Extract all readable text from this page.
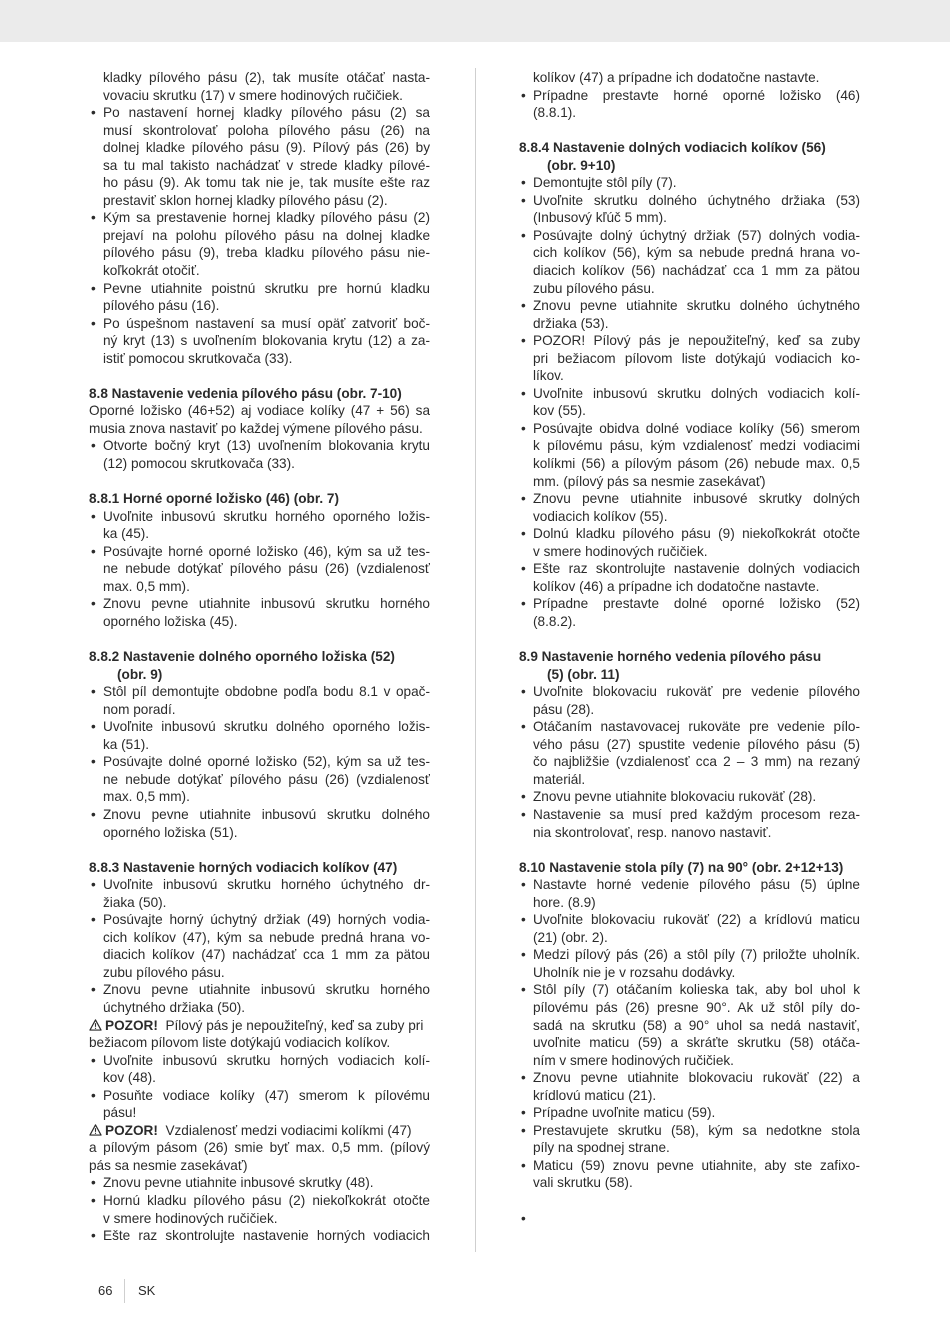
kladky pílového pásu (2), tak musíte otáčať nasta-
vovaciu skrutku (17) v smere hodinových ručičiek.
• Po nastavení hornej kladky pílového pásu (2) sa
musí skontrolovať poloha pílového pásu (26) na
dolnej kladke pílového pásu (9). Pílový pás (26) by
sa tu mal takisto nachádzať v strede kladky pílové-
ho pásu (9). Ak tomu tak nie je, tak musíte ešte raz
prestaviť sklon hornej kladky pílového pásu (2).
• Kým sa prestavenie hornej kladky pílového pásu (2)
prejaví na polohu pílového pásu na dolnej kladke
pílového pásu (9), treba kladku pílového pásu nie-
koľkokrát otočiť.
• Pevne utiahnite poistnú skrutku pre hornú kladku
pílového pásu (16).
• Po úspešnom nastavení sa musí opäť zatvoriť boč-
ný kryt (13) s uvoľnením blokovania krytu (12) a za-
istiť pomocou skrutkovača (33).
8.8 Nastavenie vedenia pílového pásu (obr. 7-10)
Oporné ložisko (46+52) aj vodiace kolíky (47 + 56) sa
musia znova nastaviť po každej výmene pílového pásu.
• Otvorte bočný kryt (13) uvoľnením blokovania krytu
(12) pomocou skrutkovača (33).
8.8.1 Horné oporné ložisko (46) (obr. 7)
• Uvoľnite inbusovú skrutku horného oporného ložis-
ka (45).
• Posúvajte horné oporné ložisko (46), kým sa už tes-
ne nebude dotýkať pílového pásu (26) (vzdialenosť
max. 0,5 mm).
• Znovu pevne utiahnite inbusovú skrutku horného
oporného ložiska (45).
8.8.2 Nastavenie dolného oporného ložiska (52)
(obr. 9)
• Stôl píl demontujte obdobne podľa bodu 8.1 v opač-
nom poradí.
• Uvoľnite inbusovú skrutku dolného oporného ložis-
ka (51).
• Posúvajte dolné oporné ložisko (52), kým sa už tes-
ne nebude dotýkať pílového pásu (26) (vzdialenosť
max. 0,5 mm).
• Znovu pevne utiahnite inbusovú skrutku dolného
oporného ložiska (51).
8.8.3 Nastavenie horných vodiacich kolíkov (47)
• Uvoľnite inbusovú skrutku horného úchytného dr-
žiaka (50).
• Posúvajte horný úchytný držiak (49) horných vodia-
cich kolíkov (47), kým sa nebude predná hrana vo-
diacich kolíkov (47) nachádzať cca 1 mm za pätou
zubu pílového pásu.
• Znovu pevne utiahnite inbusovú skrutku horného
úchytného držiaka (50).
POZOR! Pílový pás je nepoužiteľný, keď sa zuby pri
bežiacom pílovom liste dotýkajú vodiacich kolíkov.
• Uvoľnite inbusovú skrutku horných vodiacich kolí-
kov (48).
• Posuňte vodiace kolíky (47) smerom k pílovému
pásu!
POZOR! Vzdialenosť medzi vodiacimi kolíkmi (47)
a pílovým pásom (26) smie byť max. 0,5 mm. (pílový
pás sa nesmie zasekávať)
• Znovu pevne utiahnite inbusové skrutky (48).
• Hornú kladku pílového pásu (2) niekoľkokrát otočte
v smere hodinových ručičiek.
• Ešte raz skontrolujte nastavenie horných vodiacich
kolíkov (47) a prípadne ich dodatočne nastavte.
• Prípadne prestavte horné oporné ložisko (46)
(8.8.1).
8.8.4 Nastavenie dolných vodiacich kolíkov (56)
(obr. 9+10)
• Demontujte stôl píly (7).
• Uvoľnite skrutku dolného úchytného držiaka (53)
(Inbusový kľúč 5 mm).
• Posúvajte dolný úchytný držiak (57) dolných vodia-
cich kolíkov (56), kým sa nebude predná hrana vo-
diacich kolíkov (56) nachádzať cca 1 mm za pätou
zubu pílového pásu.
• Znovu pevne utiahnite skrutku dolného úchytného
držiaka (53).
• POZOR! Pílový pás je nepoužiteľný, keď sa zuby
pri bežiacom pílovom liste dotýkajú vodiacich ko-
líkov.
• Uvoľnite inbusovú skrutku dolných vodiacich kolí-
kov (55).
• Posúvajte obidva dolné vodiace kolíky (56) smerom
k pílovému pásu, kým vzdialenosť medzi vodiacimi
kolíkmi (56) a pílovým pásom (26) nebude max. 0,5
mm. (pílový pás sa nesmie zasekávať)
• Znovu pevne utiahnite inbusové skrutky dolných
vodiacich kolíkov (55).
• Dolnú kladku pílového pásu (9) niekoľkokrát otočte
v smere hodinových ručičiek.
• Ešte raz skontrolujte nastavenie dolných vodiacich
kolíkov (46) a prípadne ich dodatočne nastavte.
• Prípadne prestavte dolné oporné ložisko (52)
(8.8.2).
8.9 Nastavenie horného vedenia pílového pásu
(5) (obr. 11)
• Uvoľnite blokovaciu rukoväť pre vedenie pílového
pásu (28).
• Otáčaním nastavovacej rukoväte pre vedenie pílo-
vého pásu (27) spustite vedenie pílového pásu (5)
čo najbližšie (vzdialenosť cca 2 – 3 mm) na rezaný
materiál.
• Znovu pevne utiahnite blokovaciu rukoväť (28).
• Nastavenie sa musí pred každým procesom reza-
nia skontrolovať, resp. nanovo nastaviť.
8.10 Nastavenie stola píly (7) na 90° (obr. 2+12+13)
• Nastavte horné vedenie pílového pásu (5) úplne
hore. (8.9)
• Uvoľnite blokovaciu rukoväť (22) a krídlovú maticu
(21) (obr. 2).
• Medzi pílový pás (26) a stôl píly (7) priložte uholník.
Uholník nie je v rozsahu dodávky.
• Stôl píly (7) otáčaním kolieska tak, aby bol uhol k
pílovému pás (26) presne 90°. Ak už stôl píly do-
sadá na skrutku (58) a 90° uhol sa nedá nastaviť,
uvoľnite maticu (59) a skráťte skrutku (58) otáča-
ním v smere hodinových ručičiek.
• Znovu pevne utiahnite blokovaciu rukoväť (22) a
krídlovú maticu (21).
• Prípadne uvoľnite maticu (59).
• Prestavujete skrutku (58), kým sa nedotkne stola
píly na spodnej strane.
• Maticu (59) znovu pevne utiahnite, aby ste zafixo-
vali skrutku (58).
•
66 SK
